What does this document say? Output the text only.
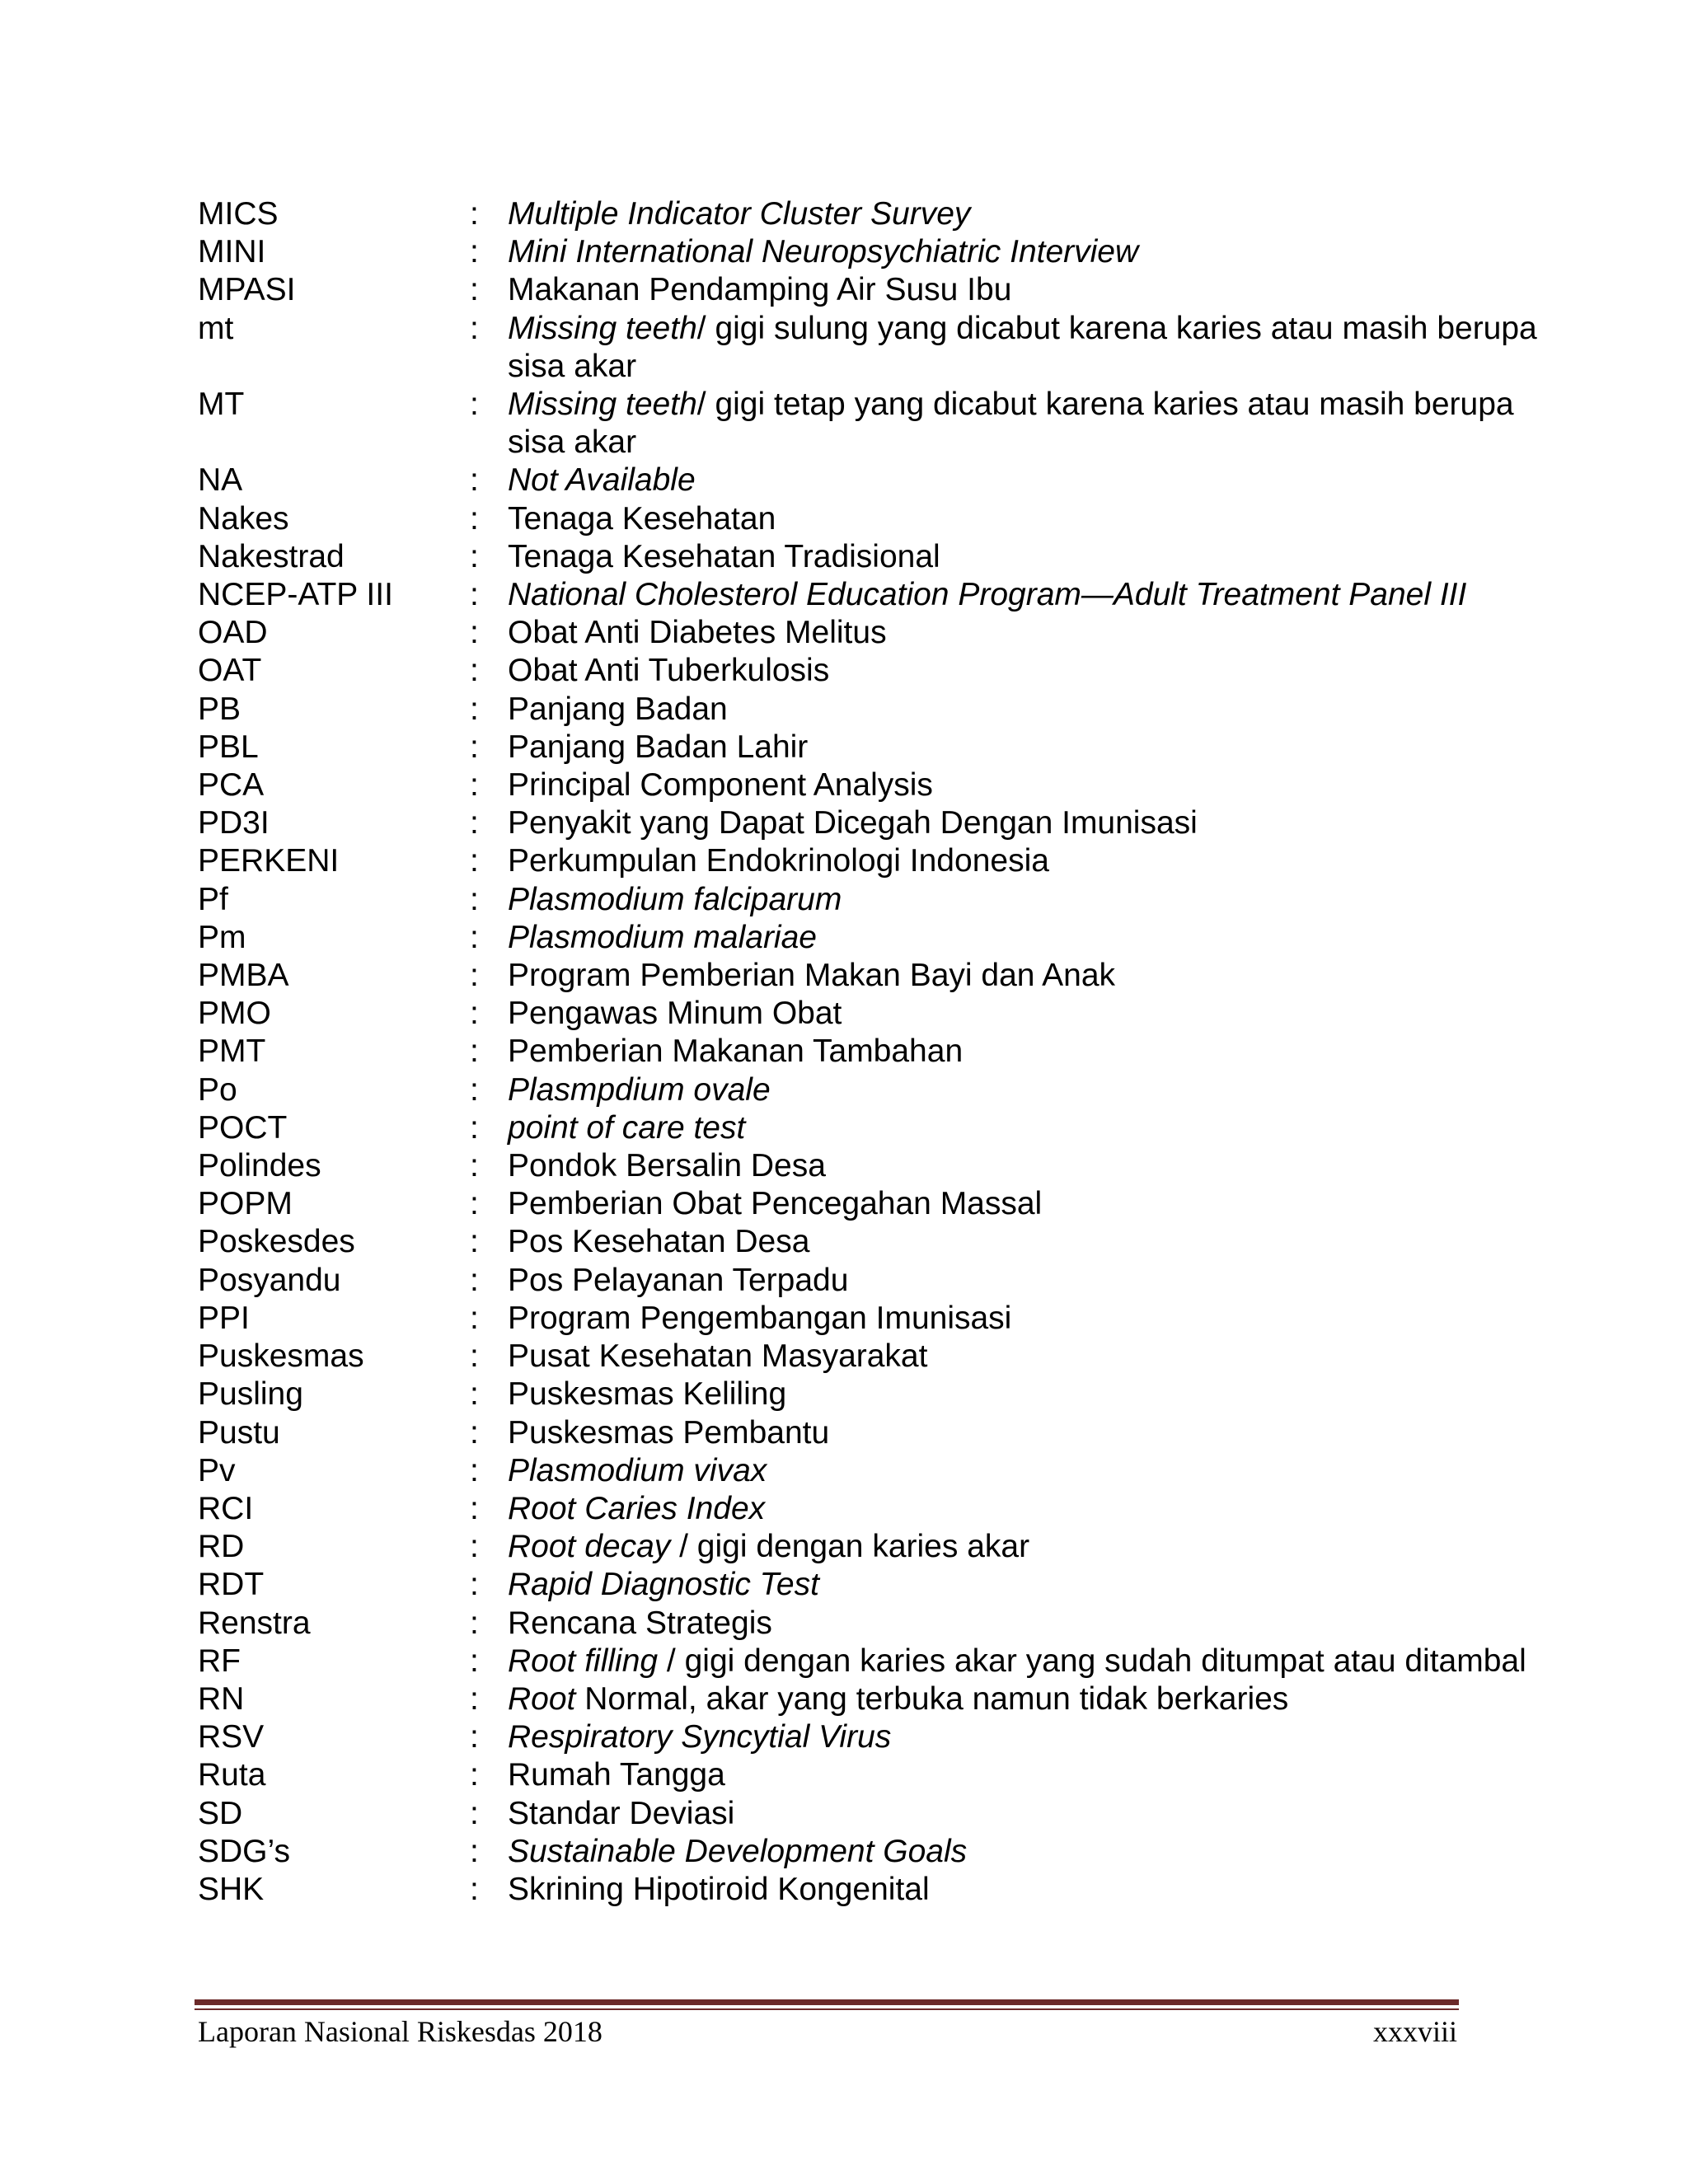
MICS	: Multiple Indicator Cluster Survey
MINI	: Mini International Neuropsychiatric Interview
MPASI	: Makanan Pendamping Air Susu Ibu
mt	: Missing teeth/ gigi sulung yang dicabut karena karies atau masih berupa sisa akar
MT	: Missing teeth/ gigi tetap yang dicabut karena karies atau masih berupa sisa akar
NA	: Not Available
Nakes	: Tenaga Kesehatan
Nakestrad	: Tenaga Kesehatan Tradisional
NCEP-ATP III	: National Cholesterol Education Program—Adult Treatment Panel III
OAD	: Obat Anti Diabetes Melitus
OAT	: Obat Anti Tuberkulosis
PB	: Panjang Badan
PBL	: Panjang Badan Lahir
PCA	: Principal Component Analysis
PD3I	: Penyakit yang Dapat Dicegah Dengan Imunisasi
PERKENI	: Perkumpulan Endokrinologi Indonesia
Pf	: Plasmodium falciparum
Pm	: Plasmodium malariae
PMBA	: Program Pemberian Makan Bayi dan Anak
PMO	: Pengawas Minum Obat
PMT	: Pemberian Makanan Tambahan
Po	: Plasmpdium ovale
POCT	: point of care test
Polindes	: Pondok Bersalin Desa
POPM	: Pemberian Obat Pencegahan Massal
Poskesdes	: Pos Kesehatan Desa
Posyandu	: Pos Pelayanan Terpadu
PPI	: Program Pengembangan Imunisasi
Puskesmas	: Pusat Kesehatan Masyarakat
Pusling	: Puskesmas Keliling
Pustu	: Puskesmas Pembantu
Pv	: Plasmodium vivax
RCI	: Root Caries Index
RD	: Root decay / gigi dengan karies akar
RDT	: Rapid Diagnostic Test
Renstra	: Rencana Strategis
RF	: Root filling / gigi dengan karies akar yang sudah ditumpat atau ditambal
RN	: Root Normal, akar yang terbuka namun tidak berkaries
RSV	: Respiratory Syncytial Virus
Ruta	: Rumah Tangga
SD	: Standar Deviasi
SDG’s	: Sustainable Development Goals
SHK	: Skrining Hipotiroid Kongenital
Laporan Nasional Riskesdas 2018	xxxviii
